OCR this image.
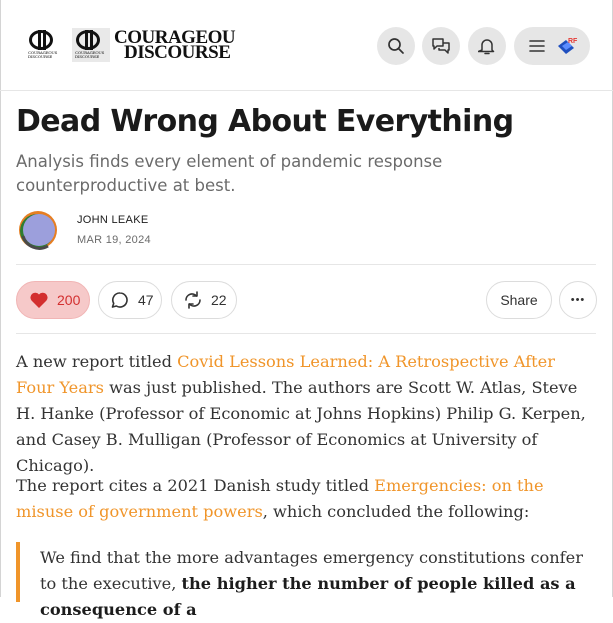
COURAGEOUS DISCOURSE
COURAGEOUS DISCOURSE
COURAGEOU
DISCOURSE
RF
Dead Wrong About Everything

Analysis finds every element of pandemic response counterproductive at best.

JOHN LEAKE
MAR 19, 2024
200	47	22	Share	•••

A new report titled Covid Lessons Learned: A Retrospective After Four Years was just published. The authors are Scott W. Atlas, Steve H. Hanke (Professor of Economic at Johns Hopkins) Philip G. Kerpen, and Casey B. Mulligan (Professor of Economics at University of Chicago).

The report cites a 2021 Danish study titled Emergencies: on the misuse of government powers, which concluded the following:

We find that the more advantages emergency constitutions confer to the executive, the higher the number of people killed as a consequence of a
